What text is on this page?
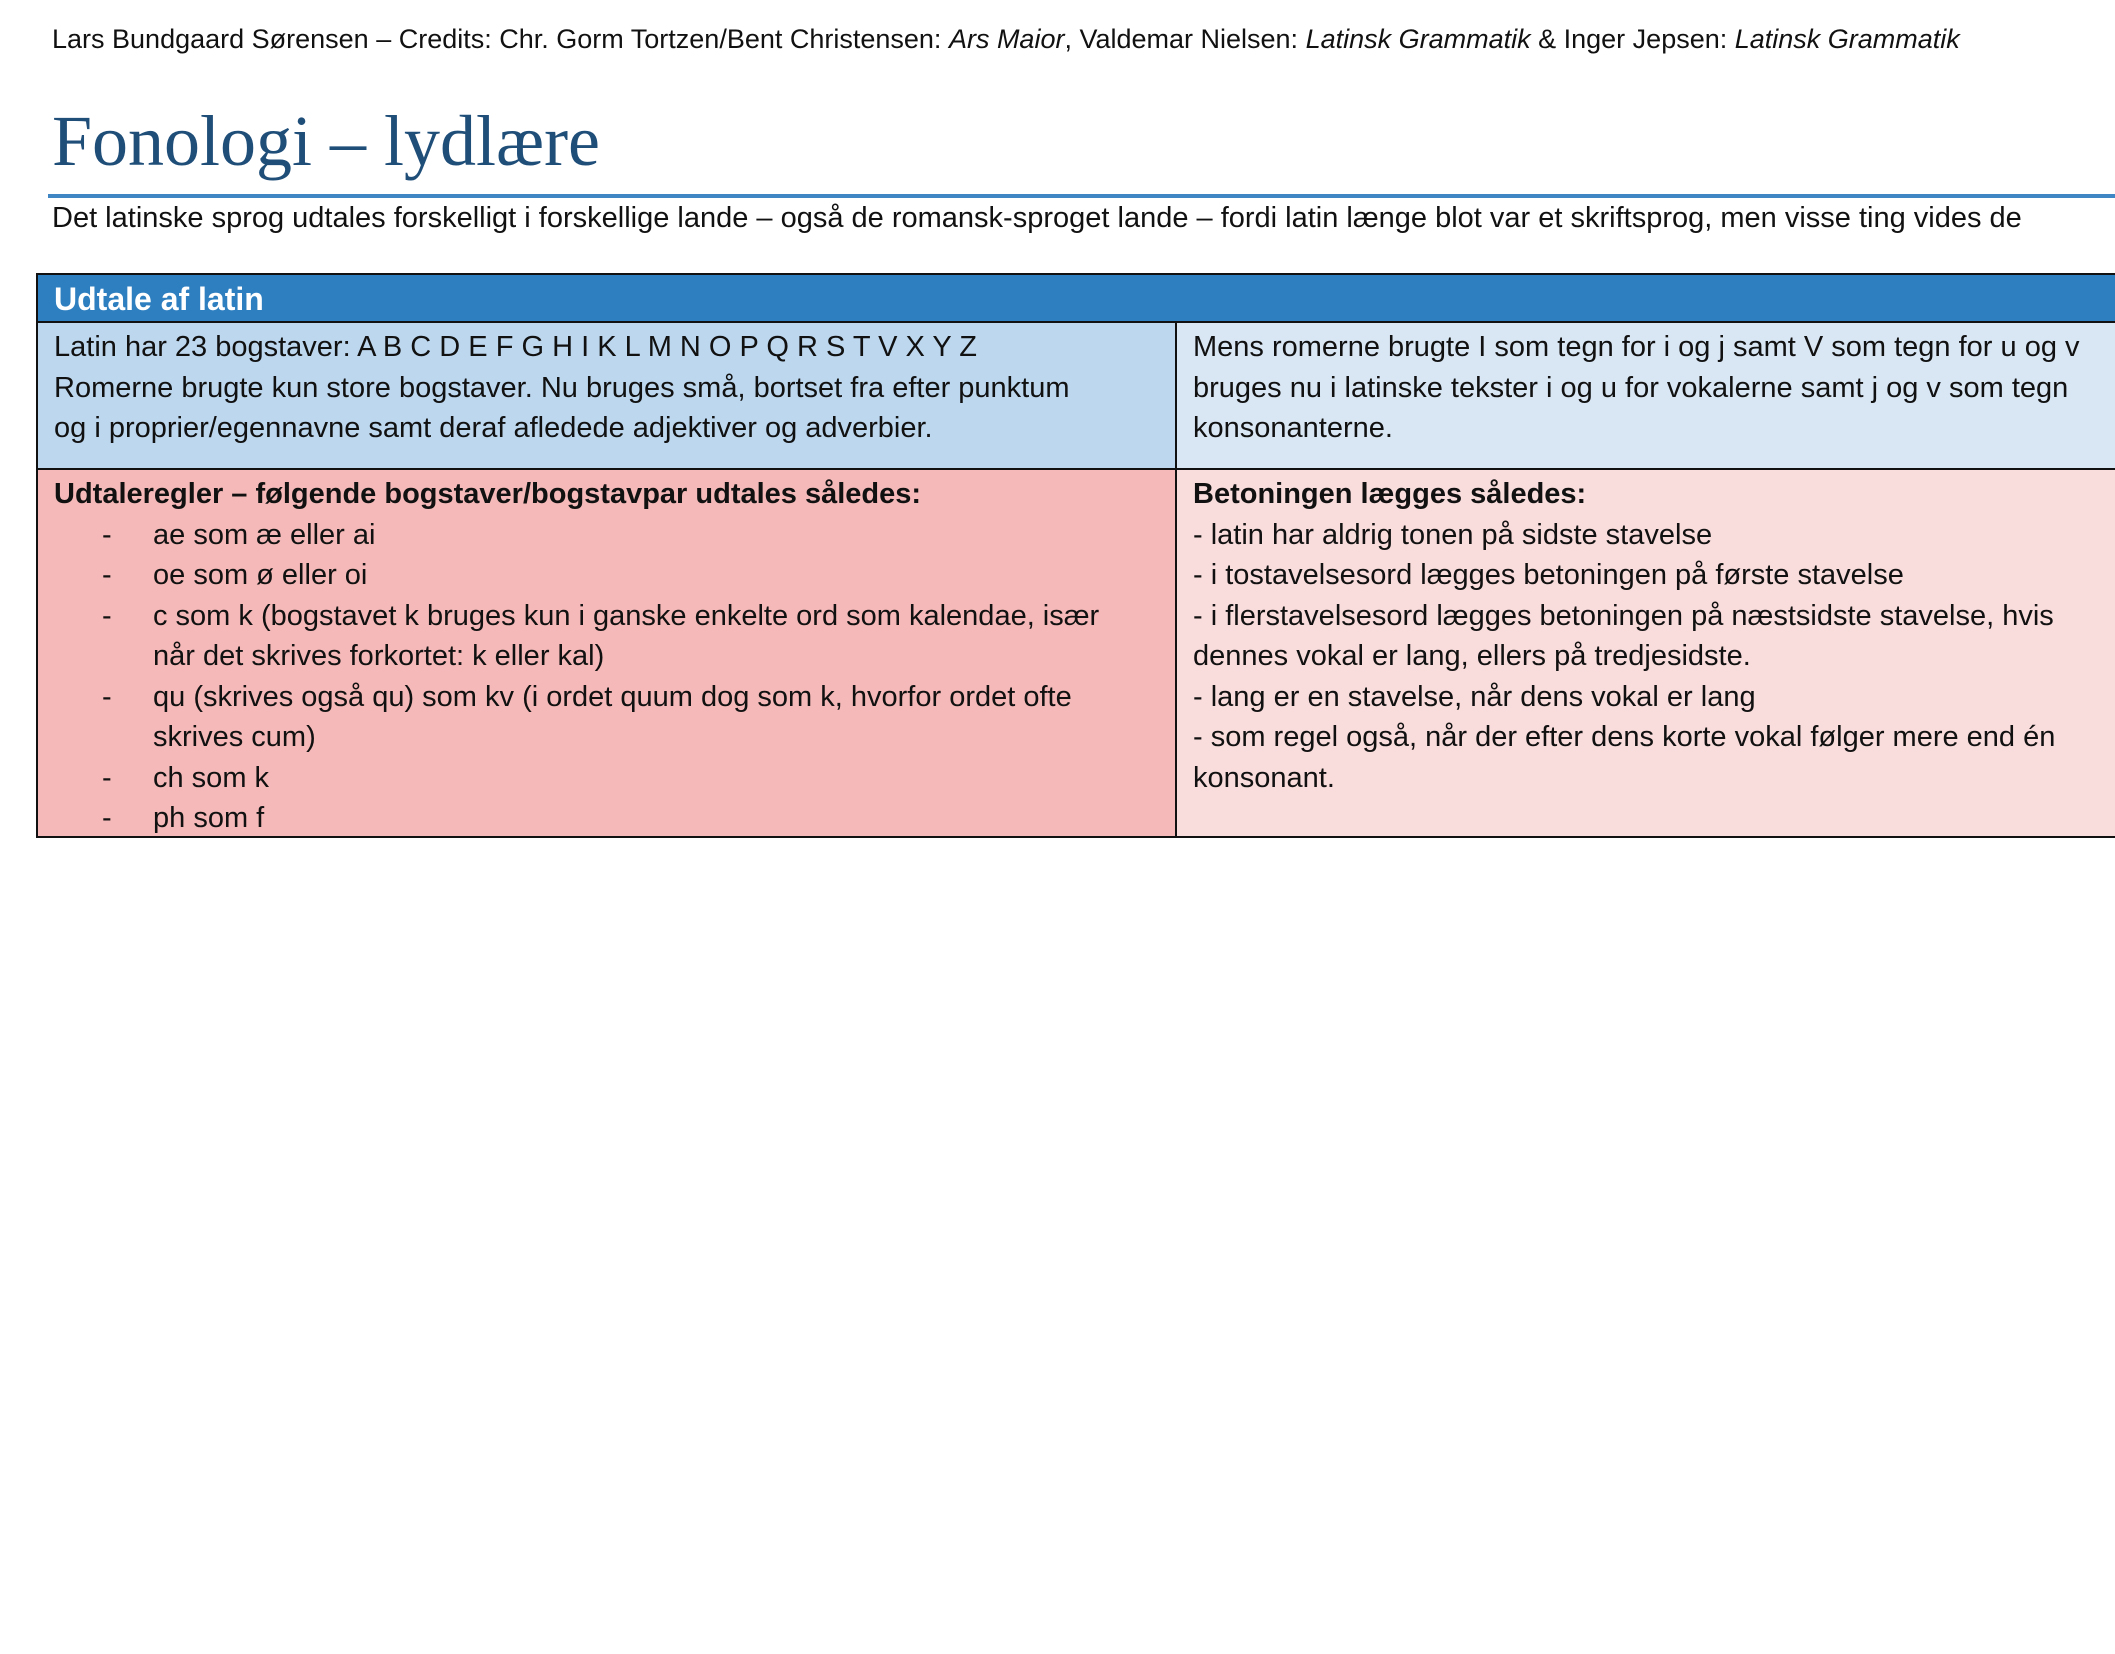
Lars Bundgaard Sørensen – Credits: Chr. Gorm Tortzen/Bent Christensen: Ars Maior, Valdemar Nielsen: Latinsk Grammatik & Inger Jepsen: Latinsk Grammatik
Fonologi – lydlære
Det latinske sprog udtales forskelligt i forskellige lande – også de romansk-sproget lande – fordi latin længe blot var et skriftsprog, men visse ting vides de
Udtale af latin
Latin har 23 bogstaver: A B C D E F G H I K L M N O P Q R S T V X Y Z
Romerne brugte kun store bogstaver. Nu bruges små, bortset fra efter punktum
og i proprier/egennavne samt deraf afledede adjektiver og adverbier.
Mens romerne brugte I som tegn for i og j samt V som tegn for u og v
bruges nu i latinske tekster i og u for vokalerne samt j og v som tegn
konsonanterne.
Udtaleregler – følgende bogstaver/bogstavpar udtales således:
- ae som æ eller ai
- oe som ø eller oi
- c som k (bogstavet k bruges kun i ganske enkelte ord som kalendae, især
når det skrives forkortet: k eller kal)
- qu (skrives også qu) som kv (i ordet quum dog som k, hvorfor ordet ofte
skrives cum)
- ch som k
- ph som f
Betoningen lægges således:
- latin har aldrig tonen på sidste stavelse
- i tostavelsesord lægges betoningen på første stavelse
- i flerstavelsesord lægges betoningen på næstsidste stavelse, hvis
dennes vokal er lang, ellers på tredjesidste.
- lang er en stavelse, når dens vokal er lang
- som regel også, når der efter dens korte vokal følger mere end én
konsonant.
